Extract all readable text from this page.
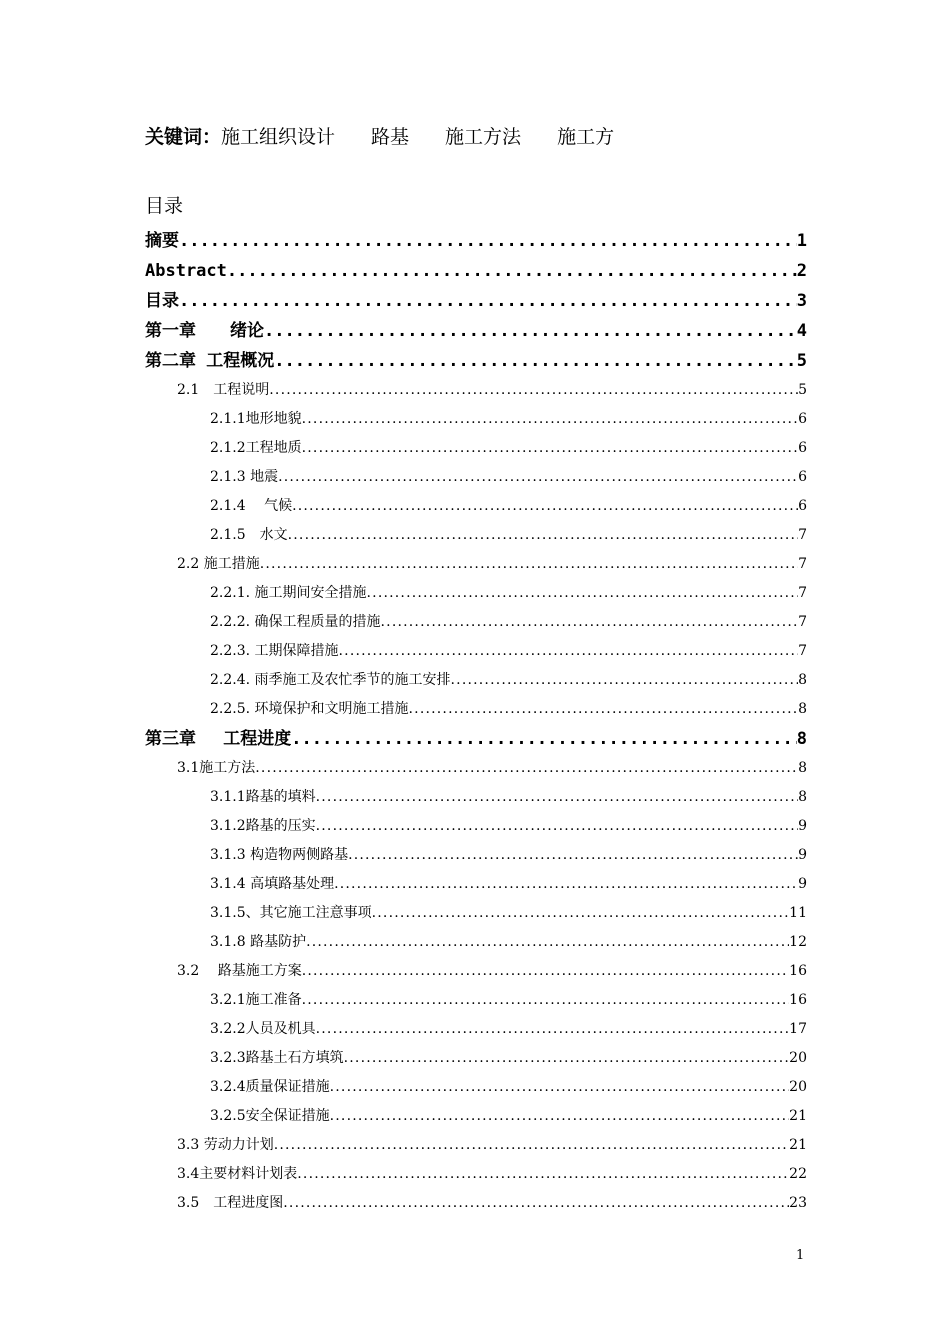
关键词：施工组织设计 路基 施工方法 施工方
目录
摘要 .....	1
Abstract .....	2
目录 .....	3
第一章　　绪论 .....	4
第二章 工程概况 .....	5
2.1　工程说明 .....	5
2.1.1地形地貌 .....	6
2.1.2工程地质 .....	6
2.1.3 地震 .....	6
2.1.4　 气候 .....	6
2.1.5　水文 .....	7
2.2 施工措施 .....	7
2.2.1. 施工期间安全措施 .....	7
2.2.2. 确保工程质量的措施 .....	7
2.2.3. 工期保障措施 .....	7
2.2.4. 雨季施工及农忙季节的施工安排 .....	8
2.2.5. 环境保护和文明施工措施 .....	8
第三章　 工程进度 .....	8
3.1施工方法 .....	8
3.1.1路基的填料 .....	8
3.1.2路基的压实 .....	9
3.1.3 构造物两侧路基 .....	9
3.1.4 高填路基处理 .....	9
3.1.5、其它施工注意事项 .....	11
3.1.8 路基防护 .....	12
3.2　 路基施工方案 .....	16
3.2.1施工准备 .....	16
3.2.2人员及机具 .....	17
3.2.3路基土石方填筑 .....	20
3.2.4质量保证措施 .....	20
3.2.5安全保证措施 .....	21
3.3 劳动力计划 .....	21
3.4主要材料计划表 .....	22
3.5　工程进度图 .....	23
1
